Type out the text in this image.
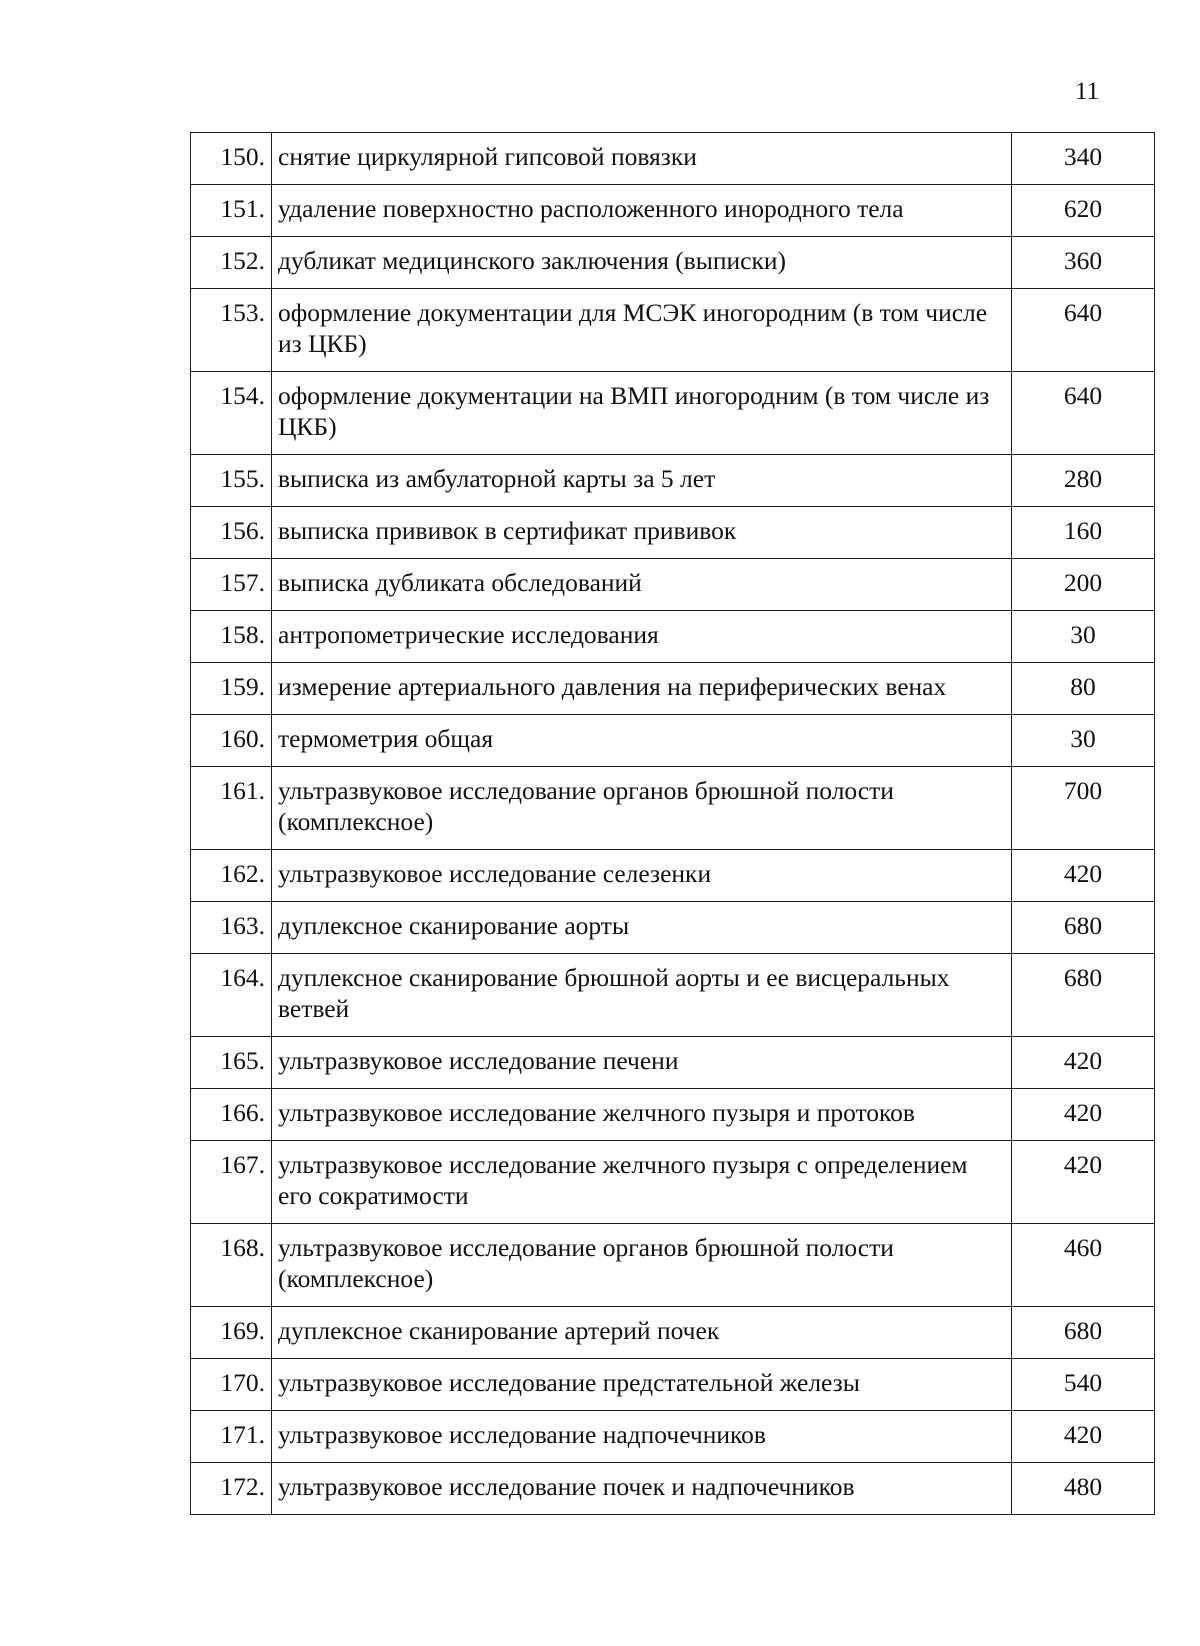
11
150.	снятие циркулярной гипсовой повязки	340
151.	удаление поверхностно расположенного инородного тела	620
152.	дубликат медицинского заключения (выписки)	360
153.	оформление документации для МСЭК иногородним (в том числе из ЦКБ)	640
154.	оформление документации на ВМП иногородним (в том числе из ЦКБ)	640
155.	выписка из амбулаторной карты за 5 лет	280
156.	выписка прививок в сертификат прививок	160
157.	выписка дубликата обследований	200
158.	антропометрические исследования	30
159.	измерение артериального давления на периферических венах	80
160.	термометрия общая	30
161.	ультразвуковое исследование органов брюшной полости (комплексное)	700
162.	ультразвуковое исследование селезенки	420
163.	дуплексное сканирование аорты	680
164.	дуплексное сканирование брюшной аорты и ее висцеральных ветвей	680
165.	ультразвуковое исследование печени	420
166.	ультразвуковое исследование желчного пузыря и протоков	420
167.	ультразвуковое исследование желчного пузыря с определением его сократимости	420
168.	ультразвуковое исследование органов брюшной полости (комплексное)	460
169.	дуплексное сканирование артерий почек	680
170.	ультразвуковое исследование предстательной железы	540
171.	ультразвуковое исследование надпочечников	420
172.	ультразвуковое исследование почек и надпочечников	480
